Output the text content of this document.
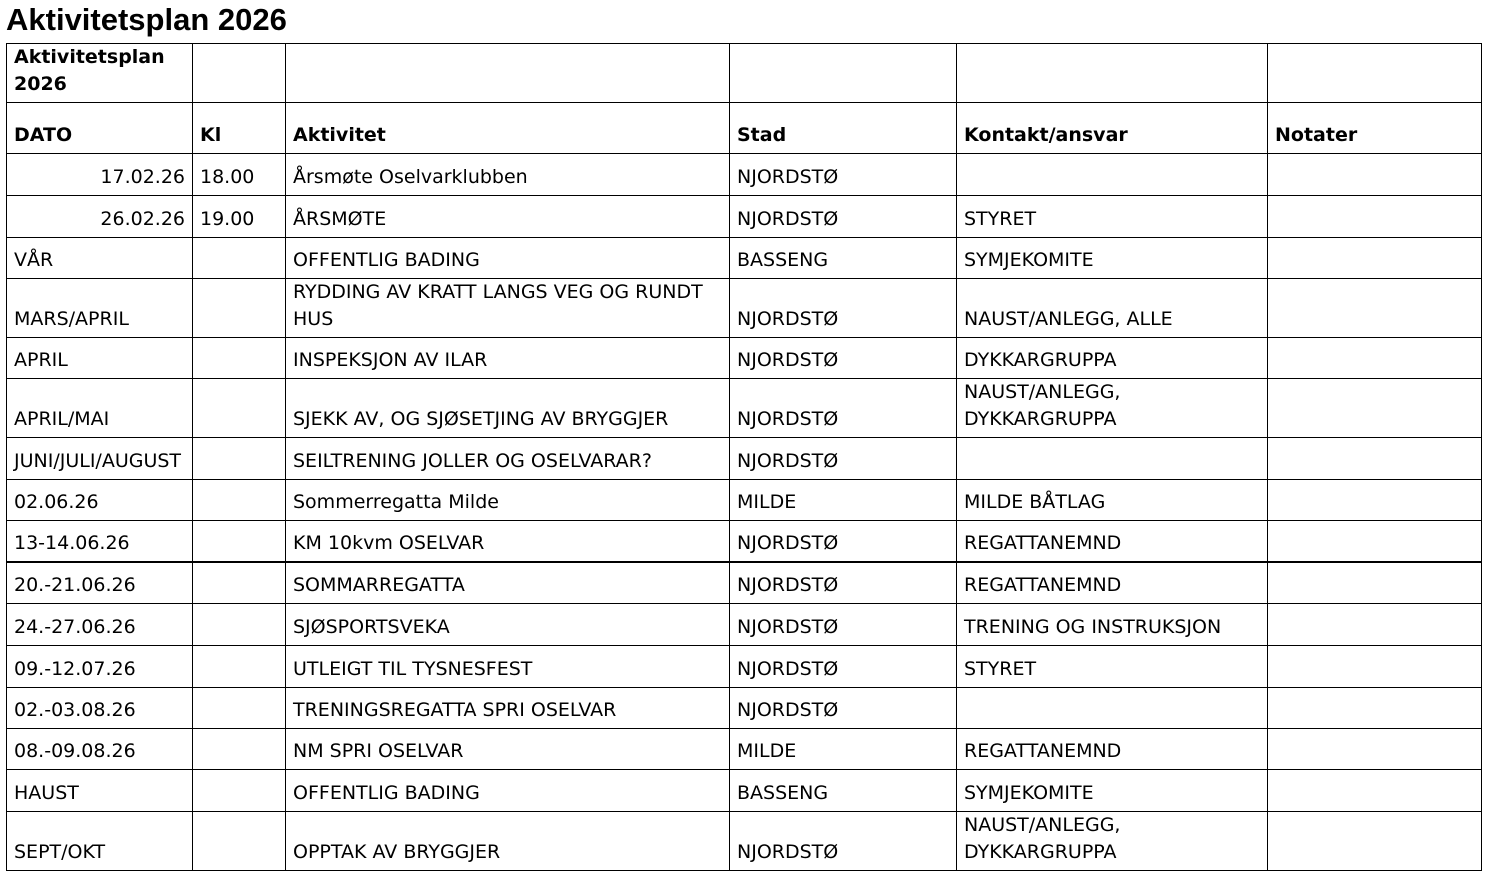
Aktivitetsplan 2026
Aktivitetsplan 2026					
DATO	Kl	Aktivitet	Stad	Kontakt/ansvar	Notater
17.02.26	18.00	Årsmøte Oselvarklubben	NJORDSTØ		
26.02.26	19.00	ÅRSMØTE	NJORDSTØ	STYRET	
VÅR		OFFENTLIG BADING	BASSENG	SYMJEKOMITE	
MARS/APRIL		RYDDING AV KRATT LANGS VEG OG RUNDT HUS	NJORDSTØ	NAUST/ANLEGG, ALLE	
APRIL		INSPEKSJON AV ILAR	NJORDSTØ	DYKKARGRUPPA	
APRIL/MAI		SJEKK AV, OG SJØSETJING AV BRYGGJER	NJORDSTØ	NAUST/ANLEGG, DYKKARGRUPPA	
JUNI/JULI/AUGUST		SEILTRENING JOLLER OG OSELVARAR?	NJORDSTØ		
02.06.26		Sommerregatta Milde	MILDE	MILDE BÅTLAG	
13-14.06.26		KM 10kvm OSELVAR	NJORDSTØ	REGATTANEMND	
20.-21.06.26		SOMMARREGATTA	NJORDSTØ	REGATTANEMND	
24.-27.06.26		SJØSPORTSVEKA	NJORDSTØ	TRENING OG INSTRUKSJON	
09.-12.07.26		UTLEIGT TIL TYSNESFEST	NJORDSTØ	STYRET	
02.-03.08.26		TRENINGSREGATTA SPRI OSELVAR	NJORDSTØ		
08.-09.08.26		NM SPRI OSELVAR	MILDE	REGATTANEMND	
HAUST		OFFENTLIG BADING	BASSENG	SYMJEKOMITE	
SEPT/OKT		OPPTAK AV BRYGGJER	NJORDSTØ	NAUST/ANLEGG, DYKKARGRUPPA	
